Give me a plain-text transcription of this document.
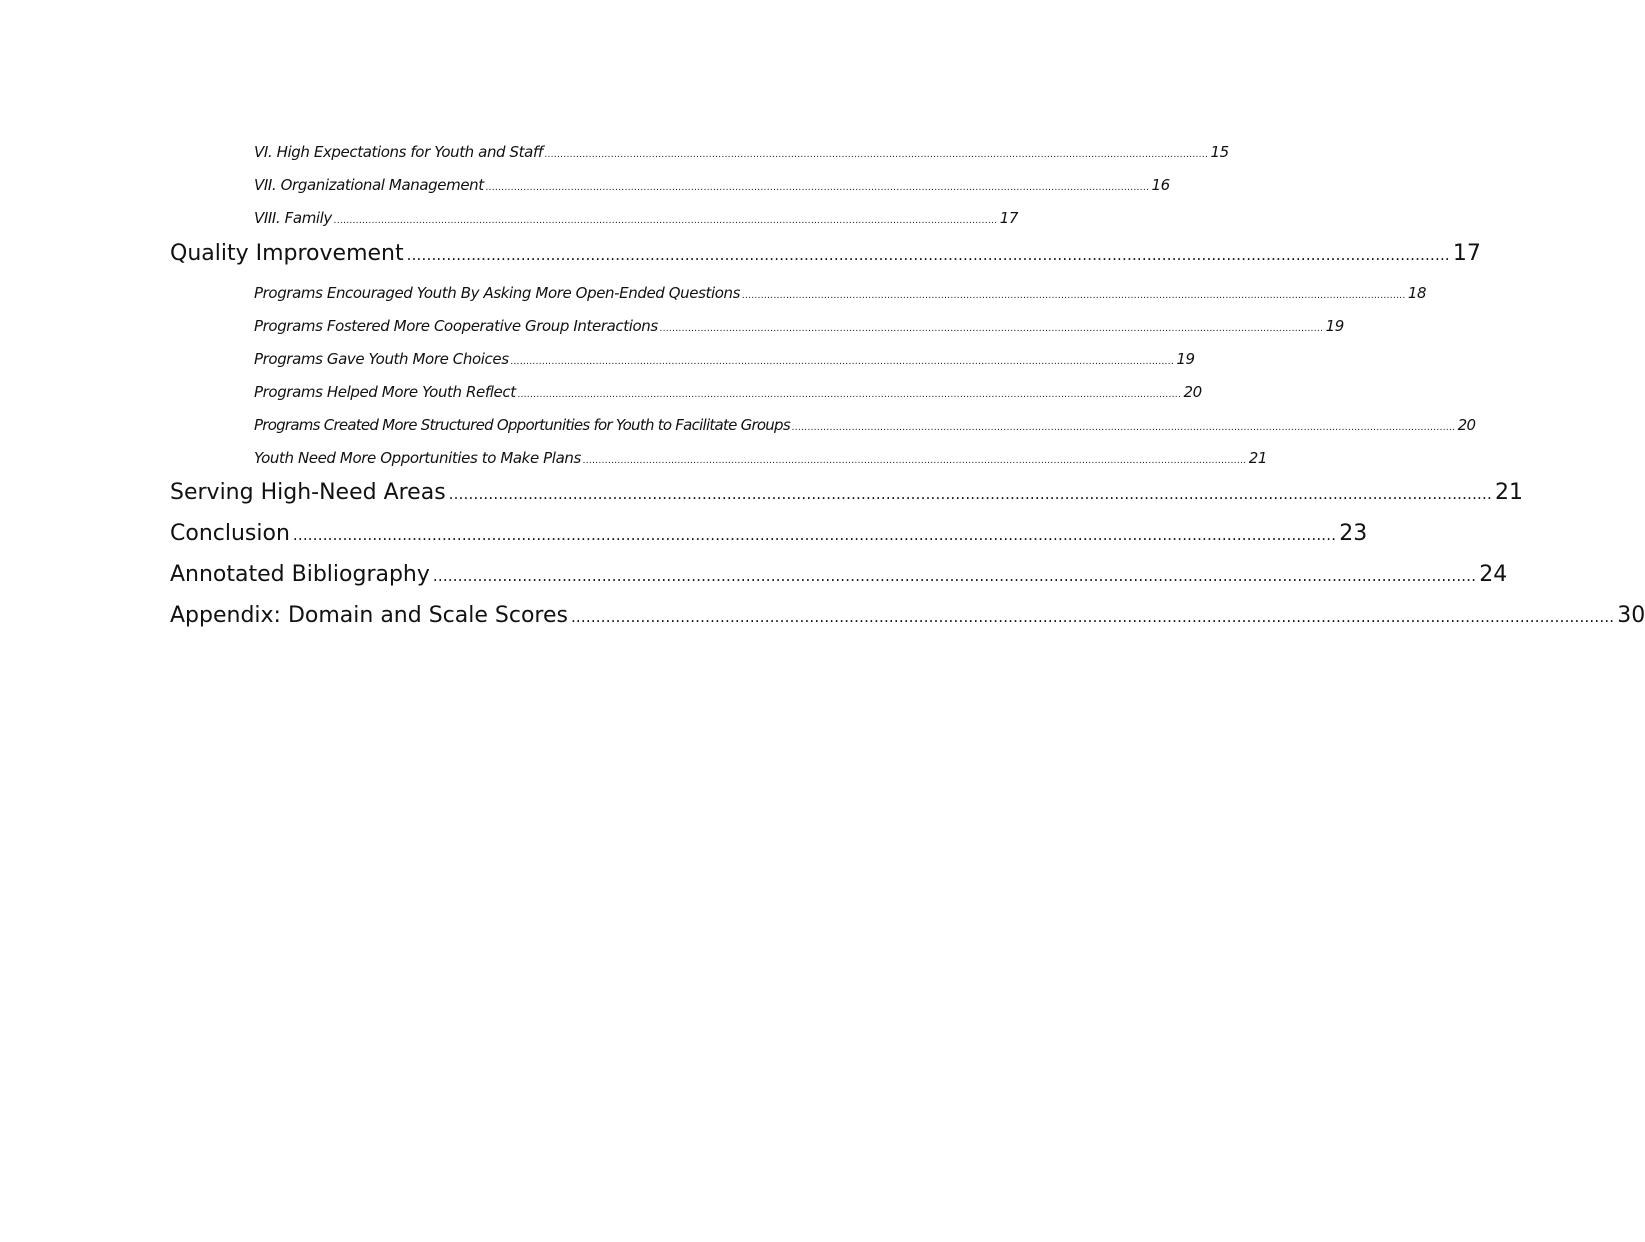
VI. High Expectations for Youth and Staff .................................................................................................................................................................................................................. 15
VII. Organizational Management .................................................................................................................................................................................................................. 16
VIII. Family .................................................................................................................................................................................................................. 17
Quality Improvement .................................................................................................................................................................................................................. 17
Programs Encouraged Youth By Asking More Open-Ended Questions .................................................................................................................................................................................................................. 18
Programs Fostered More Cooperative Group Interactions .................................................................................................................................................................................................................. 19
Programs Gave Youth More Choices .................................................................................................................................................................................................................. 19
Programs Helped More Youth Reflect .................................................................................................................................................................................................................. 20
Programs Created More Structured Opportunities for Youth to Facilitate Groups .................................................................................................................................................................................................................. 20
Youth Need More Opportunities to Make Plans .................................................................................................................................................................................................................. 21
Serving High-Need Areas .................................................................................................................................................................................................................. 21
Conclusion .................................................................................................................................................................................................................. 23
Annotated Bibliography .................................................................................................................................................................................................................. 24
Appendix: Domain and Scale Scores .................................................................................................................................................................................................................. 30
